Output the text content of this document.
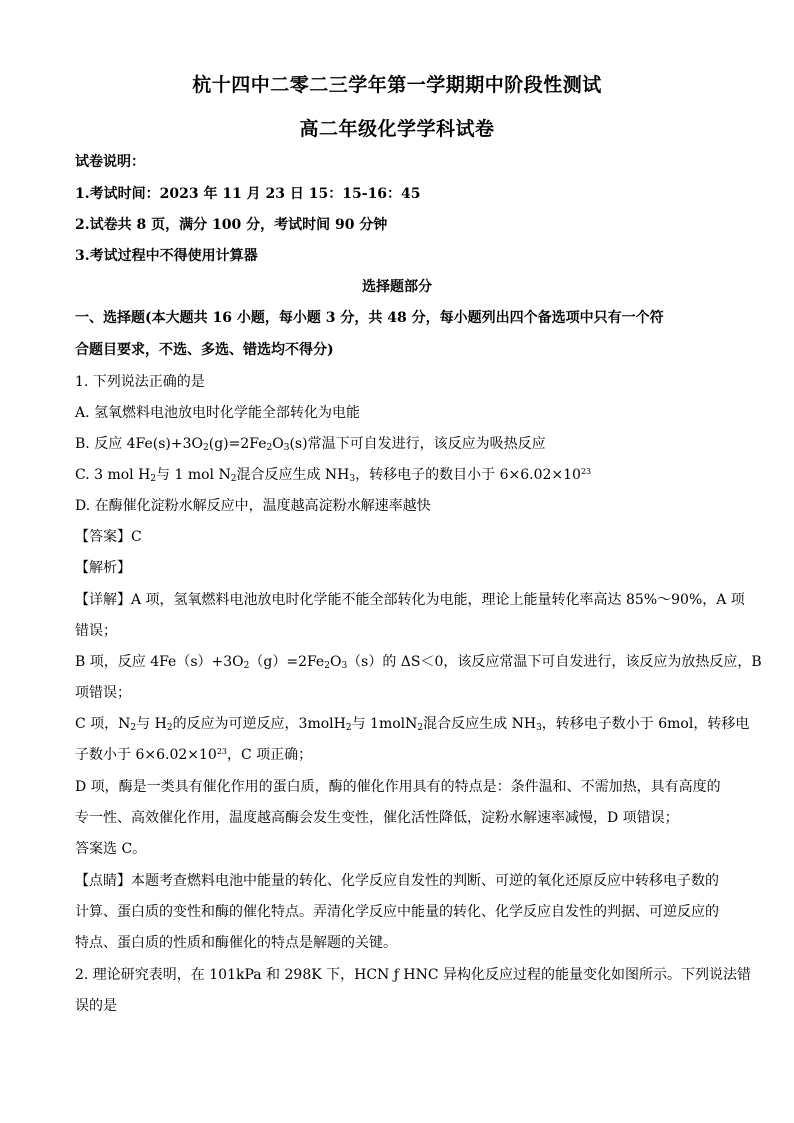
杭十四中二零二三学年第一学期期中阶段性测试
高二年级化学学科试卷
试卷说明：
1.考试时间：2023 年 11 月 23 日 15：15-16：45
2.试卷共 8 页，满分 100 分，考试时间 90 分钟
3.考试过程中不得使用计算器
选择题部分
一、选择题(本大题共 16 小题，每小题 3 分，共 48 分，每小题列出四个备选项中只有一个符
合题目要求，不选、多选、错选均不得分)
1. 下列说法正确的是
A. 氢氧燃料电池放电时化学能全部转化为电能
B. 反应 $4Fe(s)+3O_2(g)=2Fe_2O_3(s)$常温下可自发进行，该反应为吸热反应
C. 3 mol $H_2$与 1 mol $N_2$混合反应生成 $NH_3$，转移电子的数目小于 $6\times 6.02\times 10^{23}$
D. 在酶催化淀粉水解反应中，温度越高淀粉水解速率越快
【答案】C
【解析】
【详解】A 项，氢氧燃料电池放电时化学能不能全部转化为电能，理论上能量转化率高达 85%～90%，A 项
错误；
B 项，反应 $4Fe(s)+3O_2(g)=2Fe_2O_3(s)$的 ΔS＜0，该反应常温下可自发进行，该反应为放热反应，B
项错误；
C 项，$N_2$与 $H_2$的反应为可逆反应，3molH$_2$与 1molN$_2$混合反应生成 $NH_3$，转移电子数小于 6mol，转移电
子数小于 $6\times 6.02\times 10^{23}$，C 项正确；
D 项，酶是一类具有催化作用的蛋白质，酶的催化作用具有的特点是：条件温和、不需加热，具有高度的
专一性、高效催化作用，温度越高酶会发生变性，催化活性降低，淀粉水解速率减慢，D 项错误；
答案选 C。
【点睛】本题考查燃料电池中能量的转化、化学反应自发性的判断、可逆的氧化还原反应中转移电子数的
计算、蛋白质的变性和酶的催化特点。弄清化学反应中能量的转化、化学反应自发性的判据、可逆反应的
特点、蛋白质的性质和酶催化的特点是解题的关键。
2. 理论研究表明，在 101kPa 和 298K 下，HCN ƒ HNC 异构化反应过程的能量变化如图所示。下列说法错
误的是
